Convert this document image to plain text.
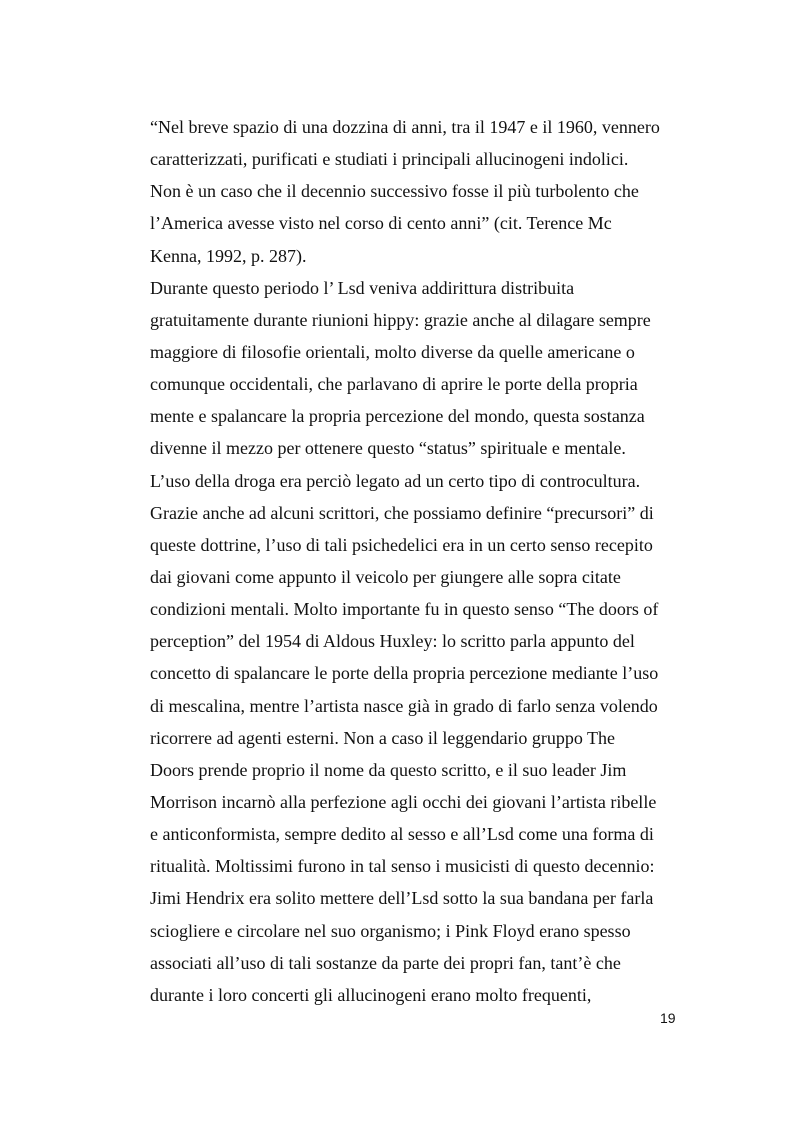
“Nel breve spazio di una dozzina di anni, tra il 1947 e il 1960, vennero
caratterizzati, purificati e studiati i principali allucinogeni indolici.
Non è un caso che il decennio successivo fosse il più turbolento che
l’America avesse visto nel corso di cento anni” (cit. Terence Mc
Kenna, 1992, p. 287).
Durante questo periodo l’ Lsd veniva addirittura distribuita
gratuitamente durante riunioni hippy: grazie anche al dilagare sempre
maggiore di filosofie orientali, molto diverse da quelle americane o
comunque occidentali, che parlavano di aprire le porte della propria
mente e spalancare la propria percezione del mondo, questa sostanza
divenne il mezzo per ottenere questo “status” spirituale e mentale.
L’uso della droga era perciò legato ad un certo tipo di controcultura.
Grazie anche ad alcuni scrittori, che possiamo definire “precursori” di
queste dottrine, l’uso di tali psichedelici era in un certo senso recepito
dai giovani come appunto il veicolo per giungere alle sopra citate
condizioni mentali. Molto importante fu in questo senso “The doors of
perception” del 1954 di Aldous Huxley: lo scritto parla appunto del
concetto di spalancare le porte della propria percezione mediante l’uso
di mescalina, mentre l’artista nasce già in grado di farlo senza volendo
ricorrere ad agenti esterni. Non a caso il leggendario gruppo The
Doors prende proprio il nome da questo scritto, e il suo leader Jim
Morrison incarnò alla perfezione agli occhi dei giovani l’artista ribelle
e anticonformista, sempre dedito al sesso e all’Lsd come una forma di
ritualità. Moltissimi furono in tal senso i musicisti di questo decennio:
Jimi Hendrix era solito mettere dell’Lsd sotto la sua bandana per farla
sciogliere e circolare nel suo organismo; i Pink Floyd erano spesso
associati all’uso di tali sostanze da parte dei propri fan, tant’è che
durante i loro concerti gli allucinogeni erano molto frequenti,
19
